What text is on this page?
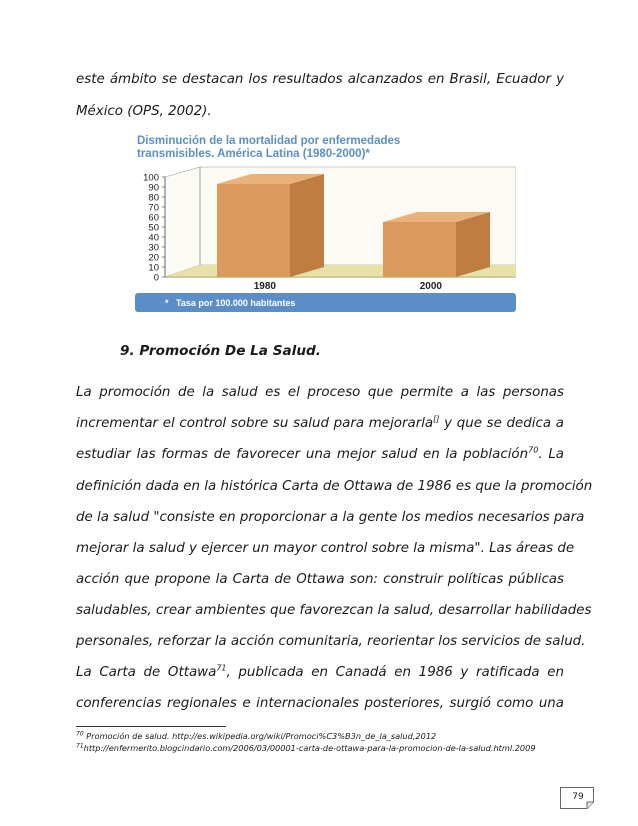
este ámbito se destacan los resultados alcanzados en Brasil, Ecuador y
México (OPS, 2002).
Disminución de la mortalidad por enfermedades
transmisibles. América Latina (1980-2000)*
100
90
80
70
60
50
40
30
20
10
0
1980	2000
*   Tasa por 100.000 habitantes
9. Promoción De La Salud.
La promoción de la salud es el proceso que permite a las personas
incrementar el control sobre su salud para mejorarla[] y que se dedica a
estudiar las formas de favorecer una mejor salud en la población$^{70}$. La
definición dada en la histórica Carta de Ottawa de 1986 es que la promoción
de la salud "consiste en proporcionar a la gente los medios necesarios para
mejorar la salud y ejercer un mayor control sobre la misma". Las áreas de
acción que propone la Carta de Ottawa son: construir políticas públicas
saludables, crear ambientes que favorezcan la salud, desarrollar habilidades
personales, reforzar la acción comunitaria, reorientar los servicios de salud.
La Carta de Ottawa$^{71}$, publicada en Canadá en 1986 y ratificada en
conferencias regionales e internacionales posteriores, surgió como una
$^{70}$ Promoción de salud. http://es.wikipedia.org/wiki/Promoci%C3%B3n_de_la_salud,2012
$^{71}$http://enfermerito.blogcindario.com/2006/03/00001-carta-de-ottawa-para-la-promocion-de-la-salud.html.2009
79
